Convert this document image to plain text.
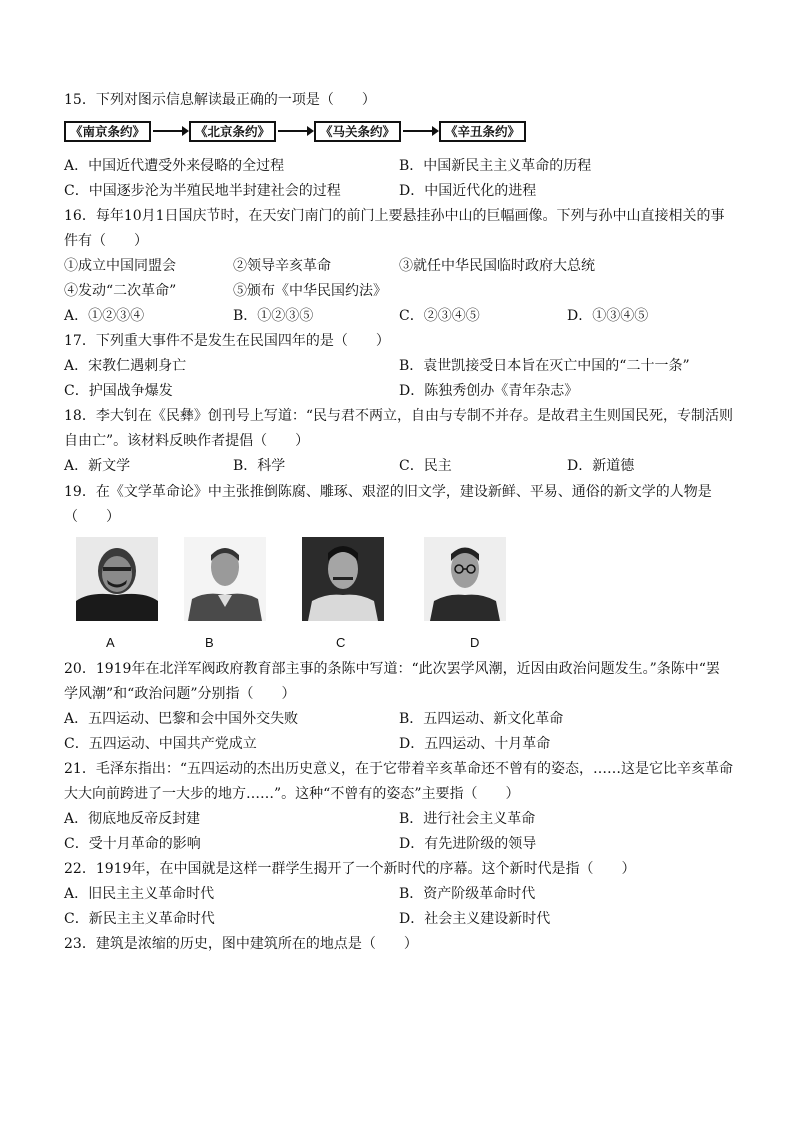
15．下列对图示信息解读最正确的一项是（　　）
《南京条约》	《北京条约》	《马关条约》	《辛丑条约》
A．中国近代遭受外来侵略的全过程	B．中国新民主主义革命的历程
C．中国逐步沦为半殖民地半封建社会的过程	D．中国近代化的进程
16．每年10月1日国庆节时，在天安门南门的前门上要悬挂孙中山的巨幅画像。下列与孙中山直接相关的事
件有（　　）
①成立中国同盟会	②领导辛亥革命	③就任中华民国临时政府大总统
④发动“二次革命”	⑤颁布《中华民国约法》
A．①②③④	B．①②③⑤	C．②③④⑤	D．①③④⑤
17．下列重大事件不是发生在民国四年的是（　　）
A．宋教仁遇刺身亡	B．袁世凯接受日本旨在灭亡中国的“二十一条”
C．护国战争爆发	D．陈独秀创办《青年杂志》
18．李大钊在《民彝》创刊号上写道：“民与君不两立，自由与专制不并存。是故君主生则国民死，专制活则
自由亡”。该材料反映作者提倡（　　）
A．新文学	B．科学	C．民主	D．新道德
19．在《文学革命论》中主张推倒陈腐、雕琢、艰涩的旧文学，建设新鲜、平易、通俗的新文学的人物是
（　　）
A	B	C	D
20．1919年在北洋军阀政府教育部主事的条陈中写道：“此次罢学风潮，近因由政治问题发生。”条陈中“罢
学风潮”和“政治问题”分别指（　　）
A．五四运动、巴黎和会中国外交失败	B．五四运动、新文化革命
C．五四运动、中国共产党成立	D．五四运动、十月革命
21．毛泽东指出：“五四运动的杰出历史意义，在于它带着辛亥革命还不曾有的姿态，……这是它比辛亥革命
大大向前跨进了一大步的地方……”。这种“不曾有的姿态”主要指（　　）
A．彻底地反帝反封建	B．进行社会主义革命
C．受十月革命的影响	D．有先进阶级的领导
22．1919年，在中国就是这样一群学生揭开了一个新时代的序幕。这个新时代是指（　　）
A．旧民主主义革命时代	B．资产阶级革命时代
C．新民主主义革命时代	D．社会主义建设新时代
23．建筑是浓缩的历史，图中建筑所在的地点是（　　）
